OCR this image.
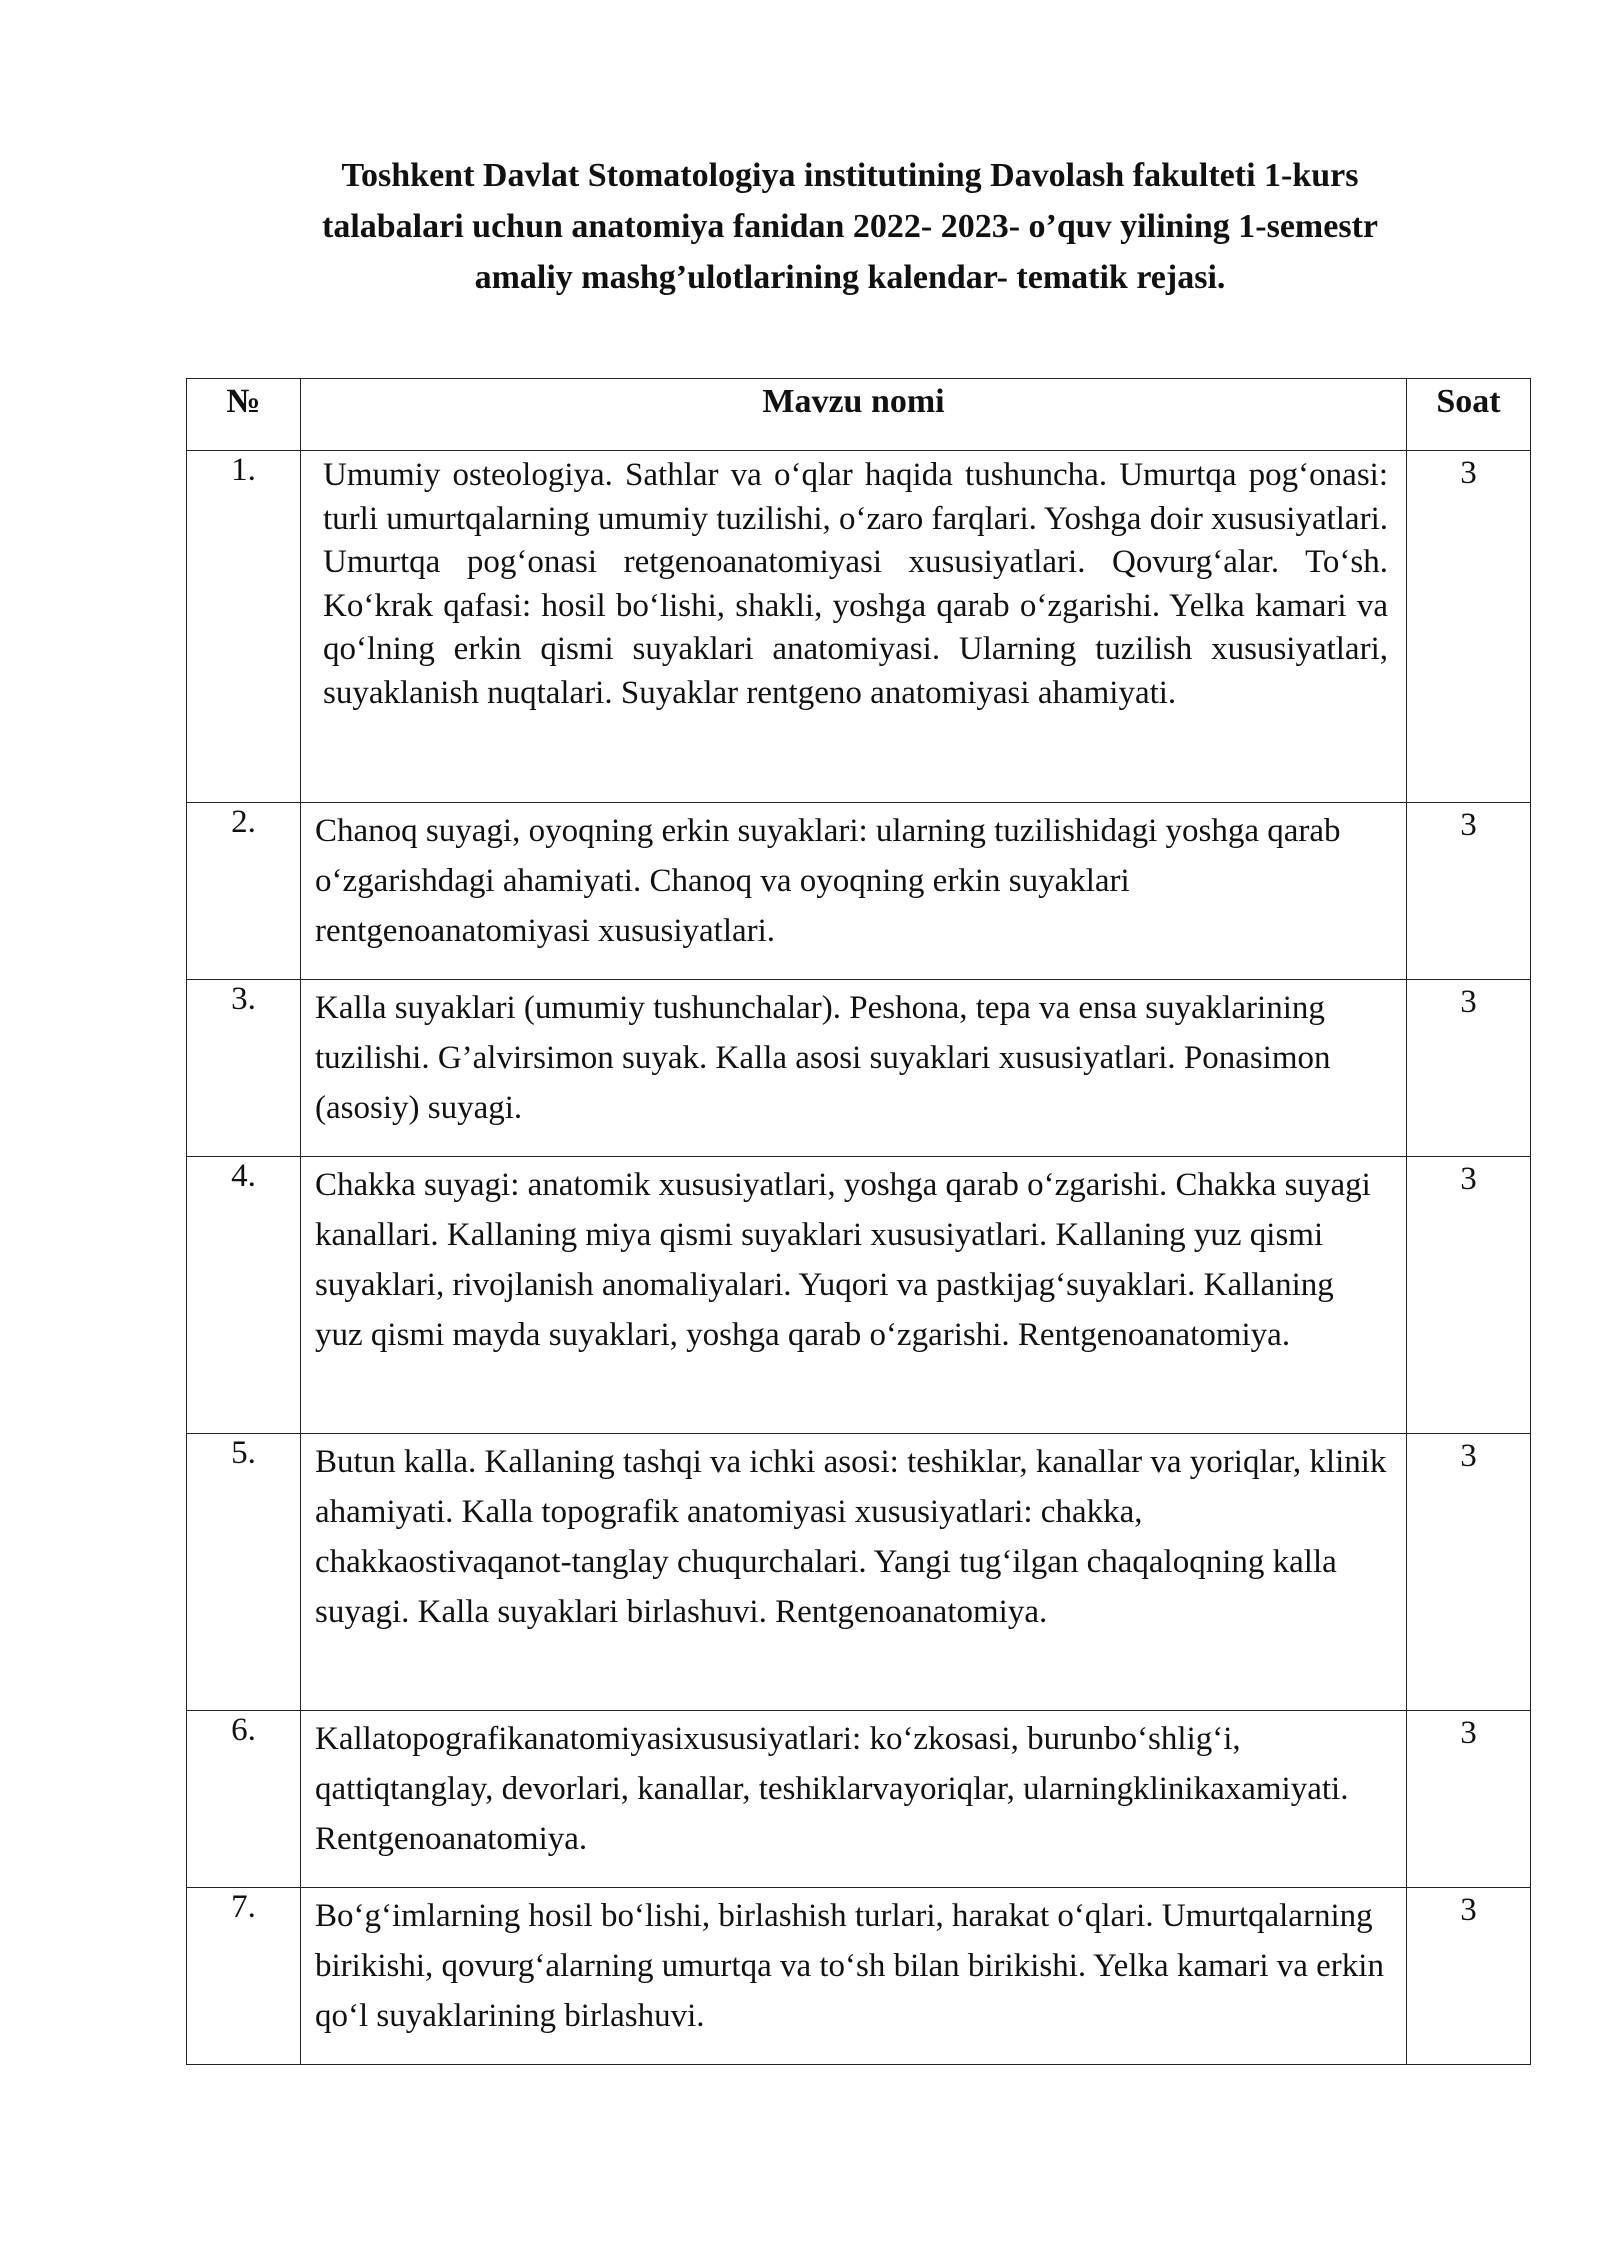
Toshkent Davlat Stomatologiya institutining Davolash fakulteti 1-kurs
talabalari uchun anatomiya fanidan 2022- 2023- o’quv yilining 1-semestr
amaliy mashg’ulotlarining kalendar- tematik rejasi.
№	Mavzu nomi	Soat
1.	Umumiy osteologiya. Sathlar va o‘qlar haqida tushuncha. Umurtqa pog‘onasi: turli umurtqalarning umumiy tuzilishi, o‘zaro farqlari. Yoshga doir xususiyatlari. Umurtqa pog‘onasi retgenoanatomiyasi xususiyatlari. Qovurg‘alar. To‘sh. Ko‘krak qafasi: hosil bo‘lishi, shakli, yoshga qarab o‘zgarishi. Yelka kamari va qo‘lning erkin qismi suyaklari anatomiyasi. Ularning tuzilish xususiyatlari, suyaklanish nuqtalari. Suyaklar rentgeno anatomiyasi ahamiyati.	3
2.	Chanoq suyagi, oyoqning erkin suyaklari: ularning tuzilishidagi yoshga qarab o‘zgarishdagi ahamiyati. Chanoq va oyoqning erkin suyaklari rentgenoanatomiyasi xususiyatlari.	3
3.	Kalla suyaklari (umumiy tushunchalar). Peshona, tepa va ensa suyaklarining tuzilishi. G’alvirsimon suyak. Kalla asosi suyaklari xususiyatlari. Ponasimon (asosiy) suyagi.	3
4.	Chakka suyagi: anatomik xususiyatlari, yoshga qarab o‘zgarishi. Chakka suyagi kanallari. Kallaning miya qismi suyaklari xususiyatlari. Kallaning yuz qismi suyaklari, rivojlanish anomaliyalari. Yuqori va pastkijag‘suyaklari. Kallaning yuz qismi mayda suyaklari, yoshga qarab o‘zgarishi. Rentgenoanatomiya.	3
5.	Butun kalla. Kallaning tashqi va ichki asosi: teshiklar, kanallar va yoriqlar, klinik ahamiyati. Kalla topografik anatomiyasi xususiyatlari: chakka, chakkaostivaqanot-tanglay chuqurchalari. Yangi tug‘ilgan chaqaloqning kalla suyagi. Kalla suyaklari birlashuvi. Rentgenoanatomiya.	3
6.	Kallatopografikanatomiyasixususiyatlari: ko‘zkosasi, burunbo‘shlig‘i, qattiqtanglay, devorlari, kanallar, teshiklarvayoriqlar, ularningklinikaxamiyati. Rentgenoanatomiya.	3
7.	Bo‘g‘imlarning hosil bo‘lishi, birlashish turlari, harakat o‘qlari. Umurtqalarning birikishi, qovurg‘alarning umurtqa va to‘sh bilan birikishi. Yelka kamari va erkin qo‘l suyaklarining birlashuvi.	3
